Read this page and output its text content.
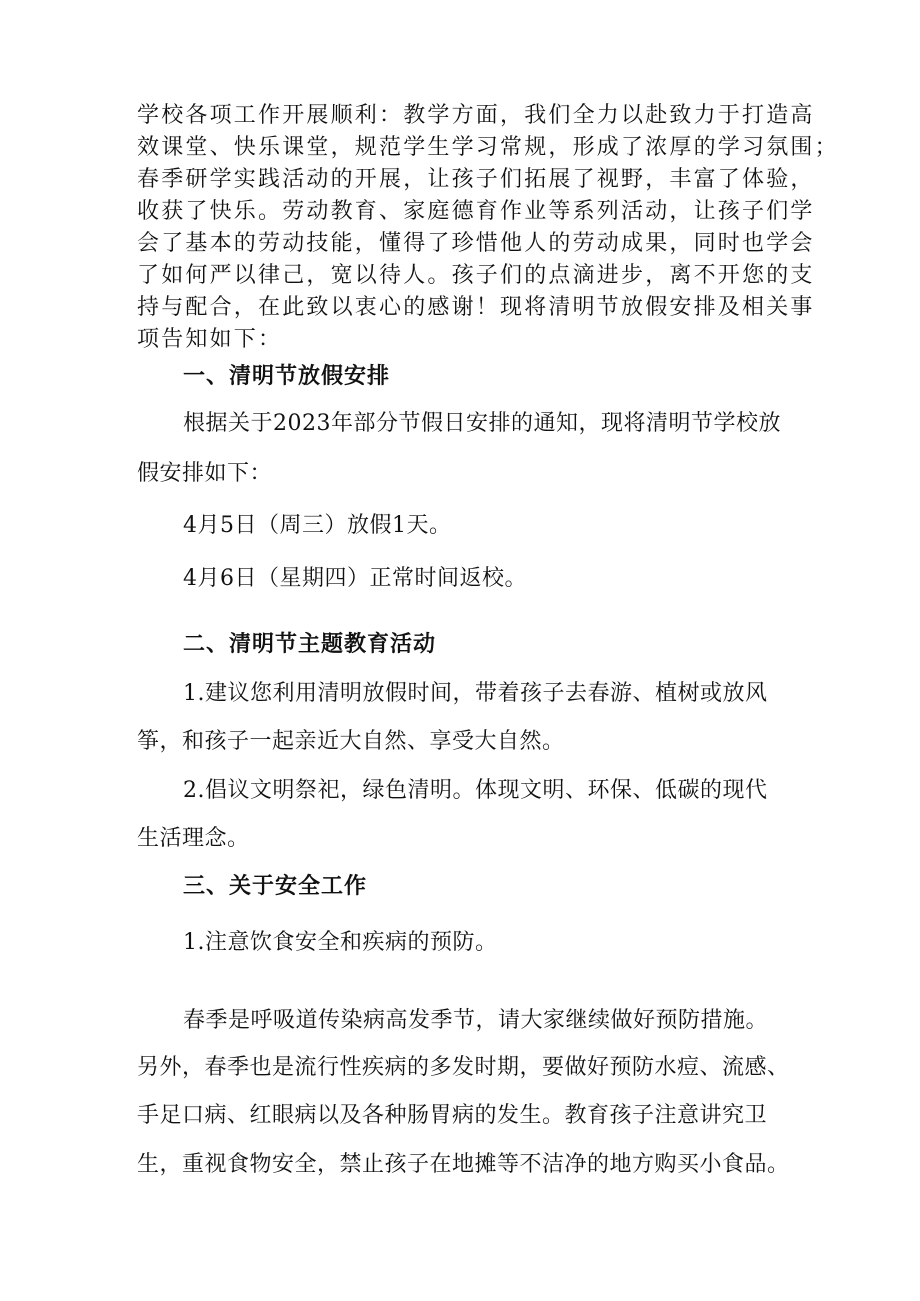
学校各项工作开展顺利：教学方面，我们全力以赴致力于打造高

效课堂、快乐课堂，规范学生学习常规，形成了浓厚的学习氛围；

春季研学实践活动的开展，让孩子们拓展了视野，丰富了体验，

收获了快乐。劳动教育、家庭德育作业等系列活动，让孩子们学

会了基本的劳动技能，懂得了珍惜他人的劳动成果，同时也学会

了如何严以律己，宽以待人。孩子们的点滴进步，离不开您的支

持与配合，在此致以衷心的感谢！现将清明节放假安排及相关事

项告知如下：

一、清明节放假安排

根据关于2023年部分节假日安排的通知，现将清明节学校放

假安排如下：

4月5日（周三）放假1天。

4月6日（星期四）正常时间返校。

二、清明节主题教育活动

1.建议您利用清明放假时间，带着孩子去春游、植树或放风

筝，和孩子一起亲近大自然、享受大自然。

2.倡议文明祭祀，绿色清明。体现文明、环保、低碳的现代

生活理念。

三、关于安全工作

1.注意饮食安全和疾病的预防。

春季是呼吸道传染病高发季节，请大家继续做好预防措施。

另外，春季也是流行性疾病的多发时期，要做好预防水痘、流感、

手足口病、红眼病以及各种肠胃病的发生。教育孩子注意讲究卫

生，重视食物安全，禁止孩子在地摊等不洁净的地方购买小食品。
